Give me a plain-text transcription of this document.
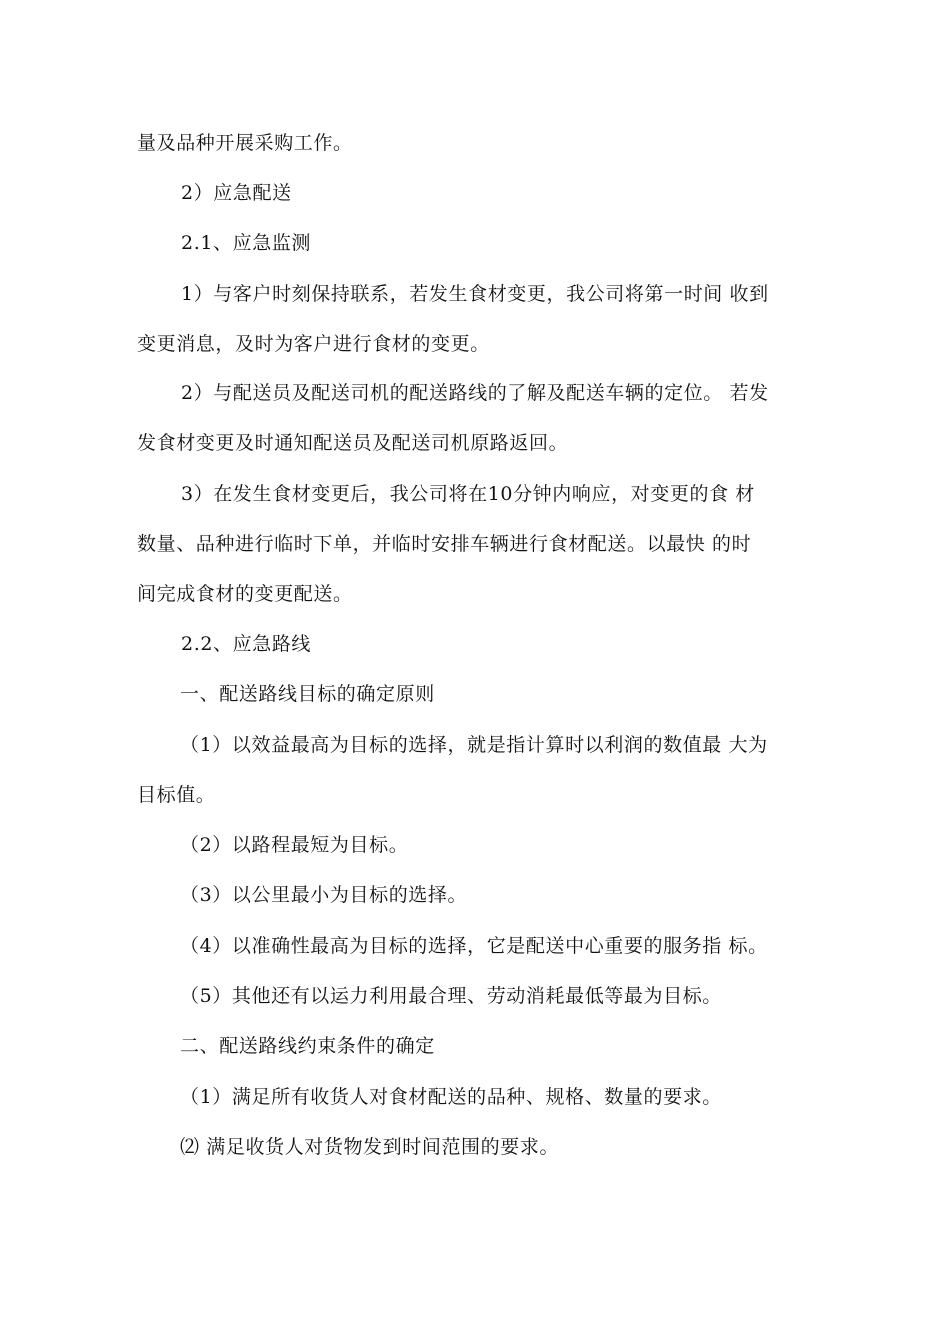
量及品种开展采购工作。
2）应急配送
2.1、应急监测
1）与客户时刻保持联系，若发生食材变更，我公司将第一时间 收到
变更消息，及时为客户进行食材的变更。
2）与配送员及配送司机的配送路线的了解及配送车辆的定位。 若发
发食材变更及时通知配送员及配送司机原路返回。
3）在发生食材变更后，我公司将在10分钟内响应，对变更的食 材
数量、品种进行临时下单，并临时安排车辆进行食材配送。以最快 的时
间完成食材的变更配送。
2.2、应急路线
一、配送路线目标的确定原则
（1）以效益最高为目标的选择，就是指计算时以利润的数值最 大为
目标值。
（2）以路程最短为目标。
（3）以公里最小为目标的选择。
（4）以准确性最高为目标的选择，它是配送中心重要的服务指 标。
（5）其他还有以运力利用最合理、劳动消耗最低等最为目标。
二、配送路线约束条件的确定
（1）满足所有收货人对食材配送的品种、规格、数量的要求。
⑵ 满足收货人对货物发到时间范围的要求。
